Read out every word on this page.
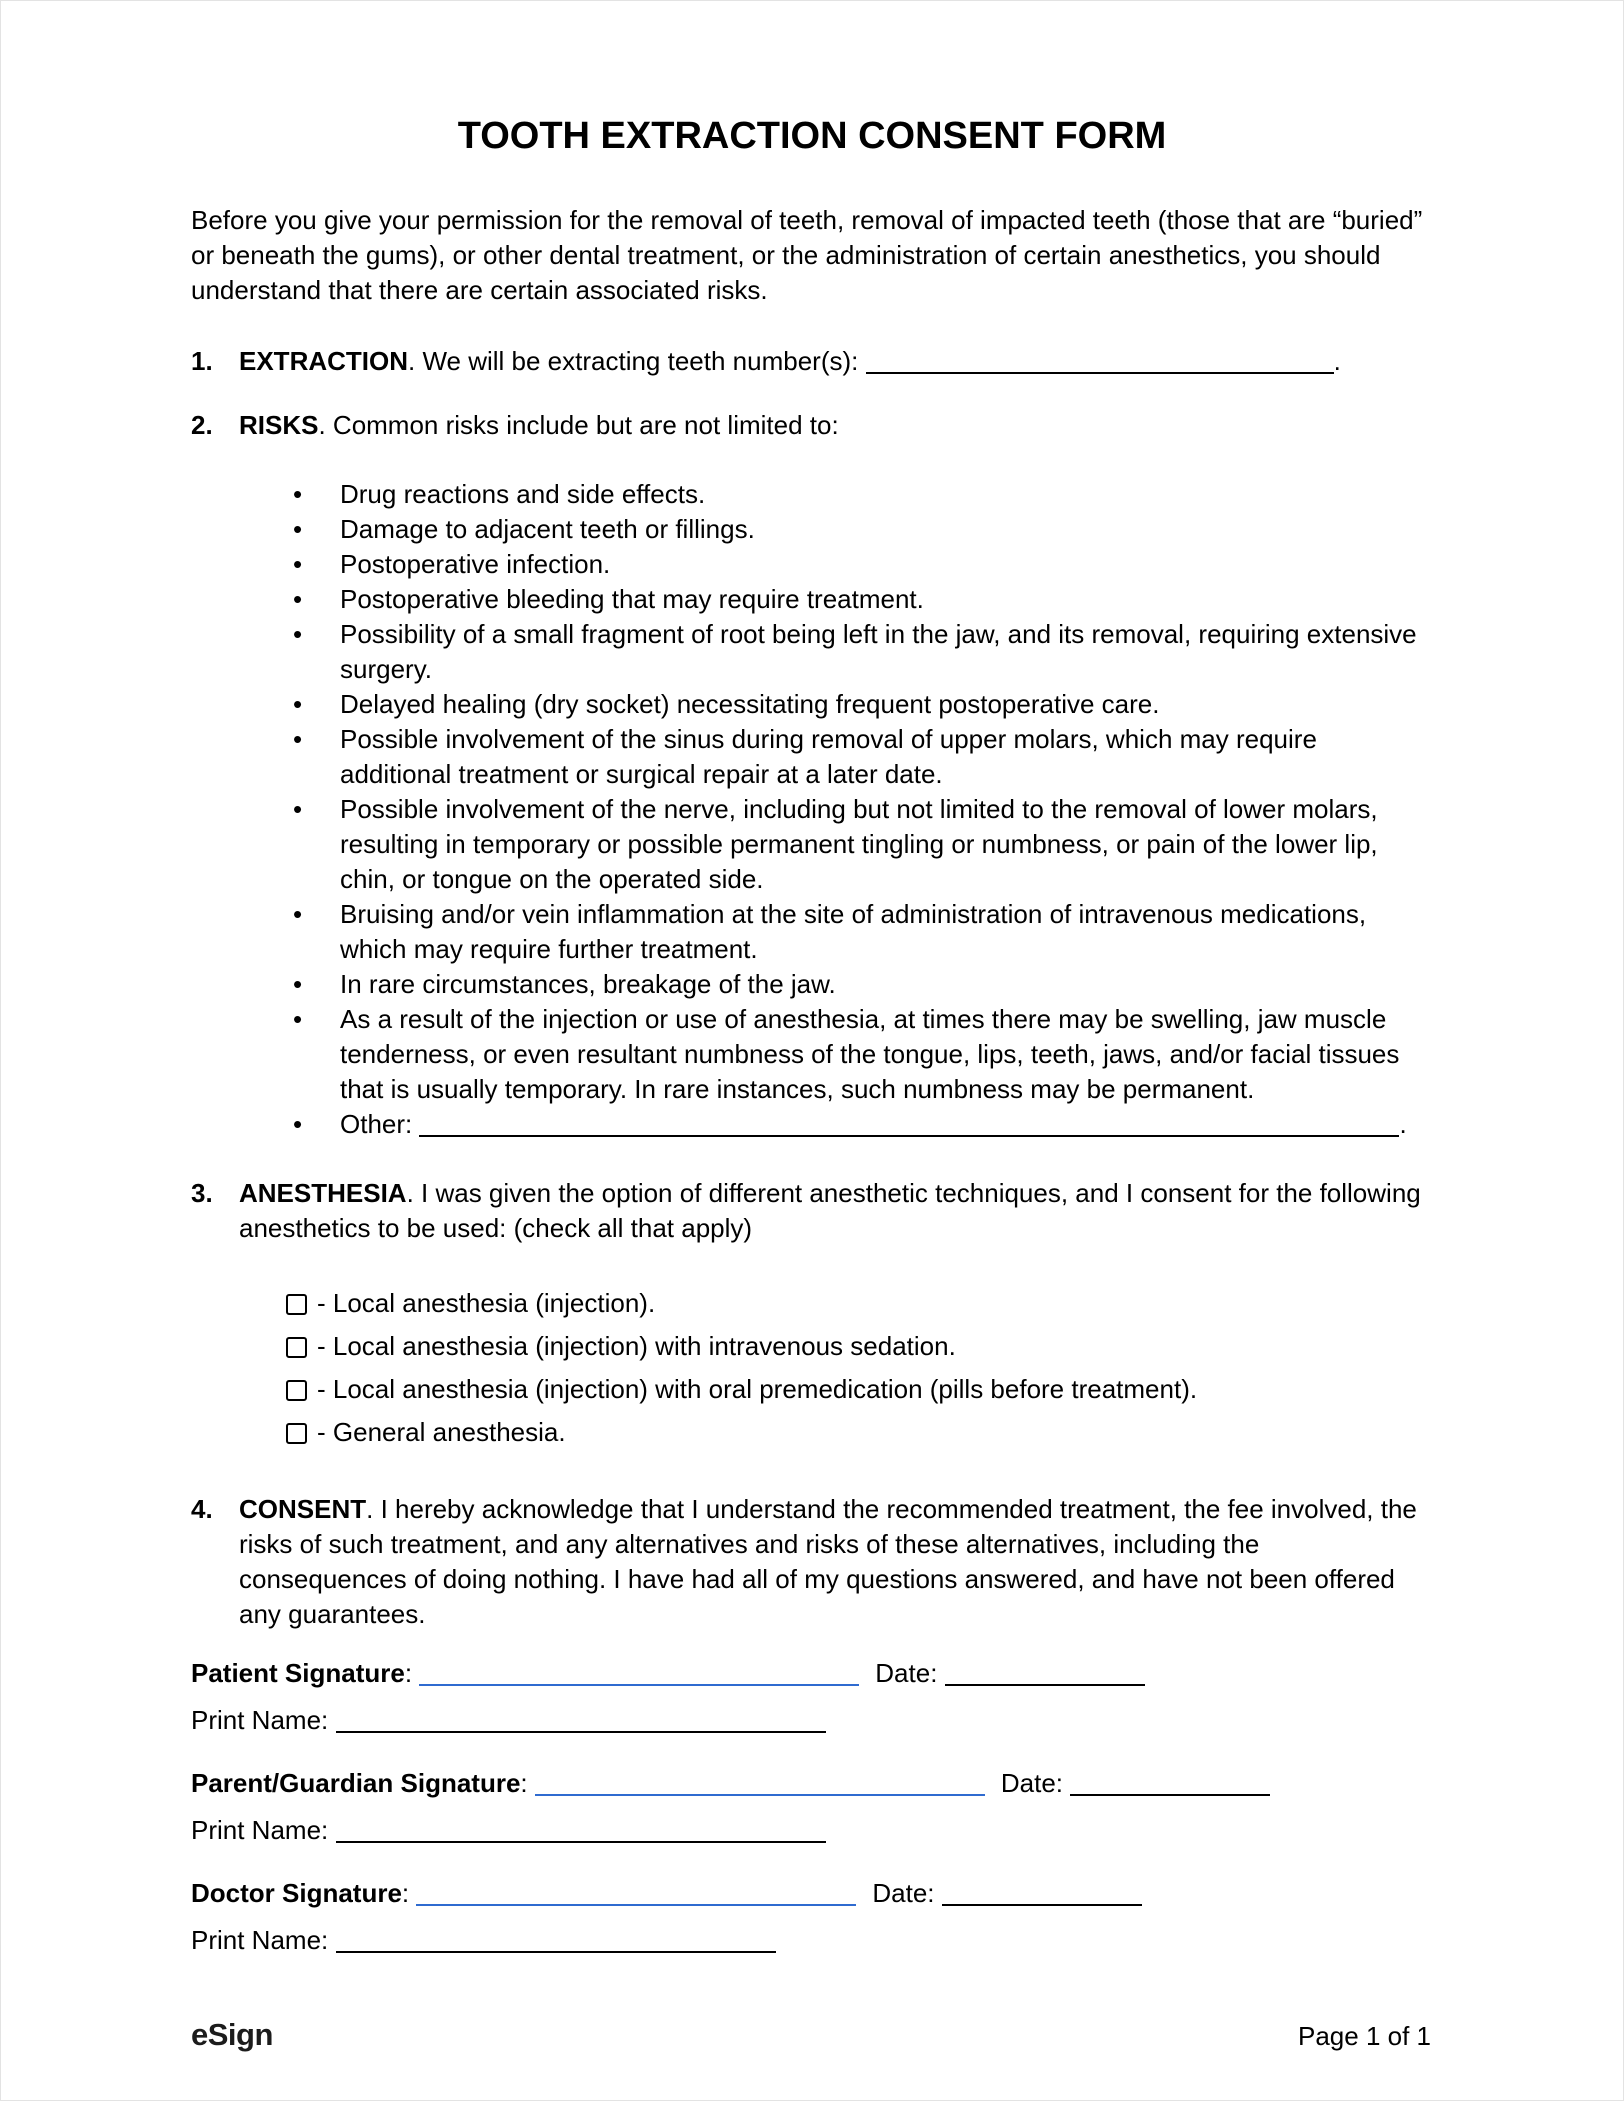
TOOTH EXTRACTION CONSENT FORM

Before you give your permission for the removal of teeth, removal of impacted teeth (those that are “buried” or beneath the gums), or other dental treatment, or the administration of certain anesthetics, you should understand that there are certain associated risks.

1.	EXTRACTION. We will be extracting teeth number(s):	.
2.	RISKS. Common risks include but are not limited to:
• Drug reactions and side effects.
• Damage to adjacent teeth or fillings.
• Postoperative infection.
• Postoperative bleeding that may require treatment.
• Possibility of a small fragment of root being left in the jaw, and its removal, requiring extensive surgery.
• Delayed healing (dry socket) necessitating frequent postoperative care.
• Possible involvement of the sinus during removal of upper molars, which may require additional treatment or surgical repair at a later date.
• Possible involvement of the nerve, including but not limited to the removal of lower molars, resulting in temporary or possible permanent tingling or numbness, or pain of the lower lip, chin, or tongue on the operated side.
• Bruising and/or vein inflammation at the site of administration of intravenous medications, which may require further treatment.
• In rare circumstances, breakage of the jaw.
• As a result of the injection or use of anesthesia, at times there may be swelling, jaw muscle tenderness, or even resultant numbness of the tongue, lips, teeth, jaws, and/or facial tissues that is usually temporary. In rare instances, such numbness may be permanent.
• Other:	.
3.	ANESTHESIA. I was given the option of different anesthetic techniques, and I consent for the following anesthetics to be used: (check all that apply)
- Local anesthesia (injection).
- Local anesthesia (injection) with intravenous sedation.
- Local anesthesia (injection) with oral premedication (pills before treatment).
- General anesthesia.
4.	CONSENT. I hereby acknowledge that I understand the recommended treatment, the fee involved, the risks of such treatment, and any alternatives and risks of these alternatives, including the consequences of doing nothing. I have had all of my questions answered, and have not been offered any guarantees.
Patient Signature:	Date:
Print Name:
Parent/Guardian Signature:	Date:
Print Name:
Doctor Signature:	Date:
Print Name:
eSign	Page 1 of 1
